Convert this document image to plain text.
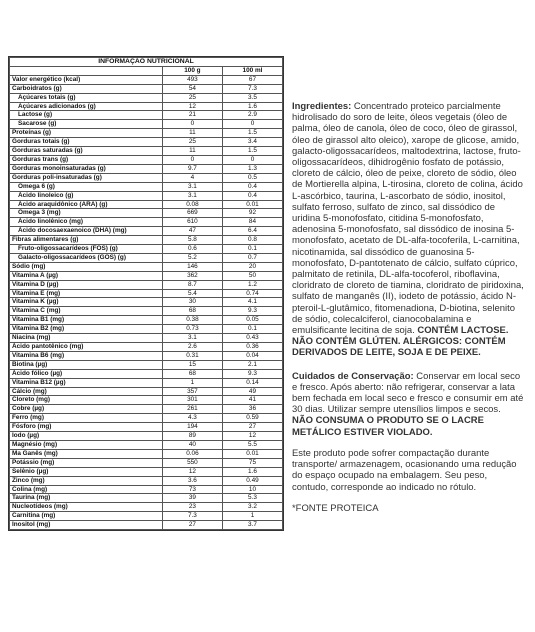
INFORMAÇÃO NUTRICIONAL		
	100 g	100 ml
Valor energético (kcal)	493	67
Carboidratos (g)	54	7.3
Açúcares totais (g)	25	3.5
Açúcares adicionados (g)	12	1.6
Lactose (g)	21	2.9
Sacarose (g)	0	0
Proteínas (g)	11	1.5
Gorduras totais (g)	25	3.4
Gorduras saturadas (g)	11	1.5
Gorduras trans (g)	0	0
Gorduras monoinsaturadas (g)	9.7	1.3
Gorduras poli-insaturadas (g)	4	0.5
Ômega 6 (g)	3.1	0.4
Ácido linoleico (g)	3.1	0.4
Ácido araquidônico (ARA) (g)	0.08	0.01
Ômega 3 (mg)	669	92
Ácido linolênico (mg)	610	84
Ácido docosaexaenoico (DHA) (mg)	47	6.4
Fibras alimentares (g)	5.8	0.8
Fruto-oligossacarídeos (FOS) (g)	0.6	0.1
Galacto-oligossacarídeos (GOS) (g)	5.2	0.7
Sódio (mg)	146	20
Vitamina A (µg)	362	50
Vitamina D (µg)	8.7	1.2
Vitamina E (mg)	5.4	0.74
Vitamina K (µg)	30	4.1
Vitamina C (mg)	68	9.3
Vitamina B1 (mg)	0.38	0.05
Vitamina B2 (mg)	0.73	0.1
Niacina (mg)	3.1	0.43
Ácido pantotênico (mg)	2.6	0.36
Vitamina B6 (mg)	0.31	0.04
Biotina (µg)	15	2.1
Ácido fólico (µg)	68	9.3
Vitamina B12 (µg)	1	0.14
Cálcio (mg)	357	49
Cloreto (mg)	301	41
Cobre (µg)	261	36
Ferro (mg)	4.3	0.59
Fósforo (mg)	194	27
Iodo (µg)	89	12
Magnésio (mg)	40	5.5
Ma Ganês (mg)	0.06	0.01
Potássio (mg)	550	75
Selênio (µg)	12	1.6
Zinco (mg)	3.6	0.49
Colina (mg)	73	10
Taurina (mg)	39	5.3
Nucleotídeos (mg)	23	3.2
Carnitina (mg)	7.3	1
Inositol (mg)	27	3.7

Ingredientes: Concentrado proteico parcialmente hidrolisado do soro de leite, óleos vegetais (óleo de palma, óleo de canola, óleo de coco, óleo de girassol, óleo de girassol alto oleico), xarope de glicose, amido, galacto-oligossacarídeos, maltodextrina, lactose, fruto-oligossacarídeos, dihidrogênio fosfato de potássio, cloreto de cálcio, óleo de peixe, cloreto de sódio, óleo de Mortierella alpina, L-tirosina, cloreto de colina, ácido L-ascórbico, taurina, L-ascorbato de sódio, inositol, sulfato ferroso, sulfato de zinco, sal dissódico de uridina 5-monofosfato, citidina 5-monofosfato, adenosina 5-monofosfato, sal dissódico de inosina 5-monofosfato, acetato de DL-alfa-tocoferila, L-carnitina, nicotinamida, sal dissódico de guanosina 5-monofosfato, D-pantotenato de cálcio, sulfato cúprico, palmitato de retinila, DL-alfa-tocoferol, riboflavina, cloridrato de cloreto de tiamina, cloridrato de piridoxina, sulfato de manganês (II), iodeto de potássio, ácido N-pteroil-L-glutâmico, fitomenadiona, D-biotina, selenito de sódio, colecalciferol, cianocobalamina e emulsificante lecitina de soja. CONTÉM LACTOSE. NÃO CONTÉM GLÚTEN. ALÉRGICOS: CONTÉM DERIVADOS DE LEITE, SOJA E DE PEIXE.

Cuidados de Conservação: Conservar em local seco e fresco. Após aberto: não refrigerar, conservar a lata bem fechada em local seco e fresco e consumir em até 30 dias. Utilizar sempre utensílios limpos e secos. NÃO CONSUMA O PRODUTO SE O LACRE METÁLICO ESTIVER VIOLADO.

Este produto pode sofrer compactação durante transporte/ armazenagem, ocasionando uma redução do espaço ocupado na embalagem. Seu peso, contudo, corresponde ao indicado no rótulo.

*FONTE PROTEICA
